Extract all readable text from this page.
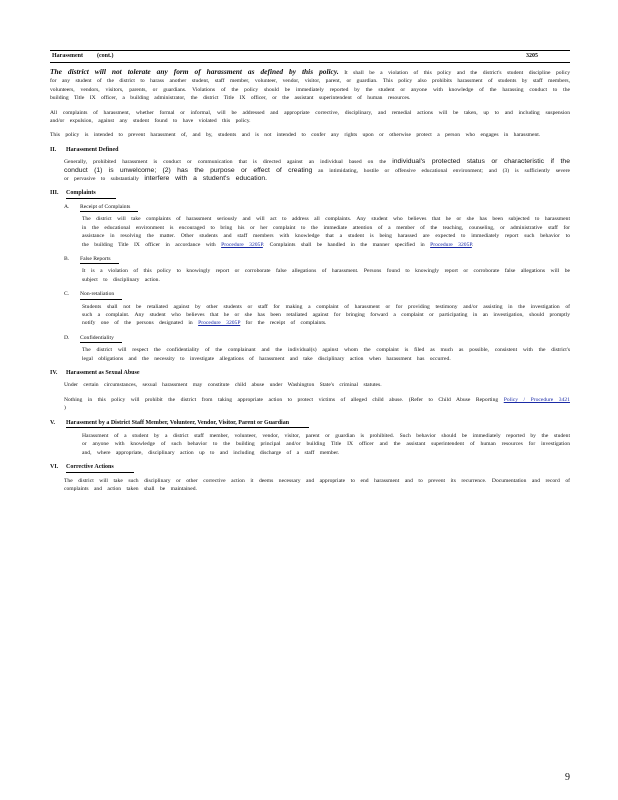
Harassment (cont.)	3205

The district will not tolerate any form of harassment as defined by this policy. It shall be a violation of this policy and the district's student discipline policy for any student of the district to harass another student, staff member, volunteer, vendor, visitor, parent, or guardian. This policy also prohibits harassment of students by staff members, volunteers, vendors, visitors, parents, or guardians. Violations of the policy should be immediately reported by the student or anyone with knowledge of the harassing conduct to the building Title IX officer, a building administrator, the district Title IX officer, or the assistant superintendent of human resources.

All complaints of harassment, whether formal or informal, will be addressed and appropriate corrective, disciplinary, and remedial actions will be taken, up to and including suspension and/or expulsion, against any student found to have violated this policy.

This policy is intended to prevent harassment of, and by, students and is not intended to confer any rights upon or otherwise protect a person who engages in harassment.

II.	Harassment Defined

Generally, prohibited harassment is conduct or communication that is directed against an individual based on the individual's protected status or characteristic if the conduct (1) is unwelcome; (2) has the purpose or effect of creating an intimidating, hostile or offensive educational environment; and (3) is sufficiently severe or pervasive to substantially interfere with a student's education.

III.	Complaints
A.	Receipt of Complaints

The district will take complaints of harassment seriously and will act to address all complaints. Any student who believes that he or she has been subjected to harassment in the educational environment is encouraged to bring his or her complaint to the immediate attention of a member of the teaching, counseling, or administrative staff for assistance in resolving the matter. Other students and staff members with knowledge that a student is being harassed are expected to immediately report such behavior to the building Title IX officer in accordance with Procedure 3205P. Complaints shall be handled in the manner specified in Procedure 3205P.

B.	False Reports

It is a violation of this policy to knowingly report or corroborate false allegations of harassment. Persons found to knowingly report or corroborate false allegations will be subject to disciplinary action.

C.	Non-retaliation

Students shall not be retaliated against by other students or staff for making a complaint of harassment or for providing testimony and/or assisting in the investigation of such a complaint. Any student who believes that he or she has been retaliated against for bringing forward a complaint or participating in an investigation, should promptly notify one of the persons designated in Procedure 3205P for the receipt of complaints.

D.	Confidentiality

The district will respect the confidentiality of the complainant and the individual(s) against whom the complaint is filed as much as possible, consistent with the district's legal obligations and the necessity to investigate allegations of harassment and take disciplinary action when harassment has occurred.

IV.	Harassment as Sexual Abuse

Under certain circumstances, sexual harassment may constitute child abuse under Washington State's criminal statutes.

Nothing in this policy will prohibit the district from taking appropriate action to protect victims of alleged child abuse. (Refer to Child Abuse Reporting Policy / Procedure 3421 )

V.	Harassment by a District Staff Member, Volunteer, Vendor, Visitor, Parent or Guardian

Harassment of a student by a district staff member, volunteer, vendor, visitor, parent or guardian is prohibited. Such behavior should be immediately reported by the student or anyone with knowledge of such behavior to the building principal and/or building Title IX officer and the assistant superintendent of human resources for investigation and, where appropriate, disciplinary action up to and including discharge of a staff member.

VI.	Corrective Actions

The district will take such disciplinary or other corrective action it deems necessary and appropriate to end harassment and to prevent its recurrence. Documentation and record of complaints and action taken shall be maintained.

9
